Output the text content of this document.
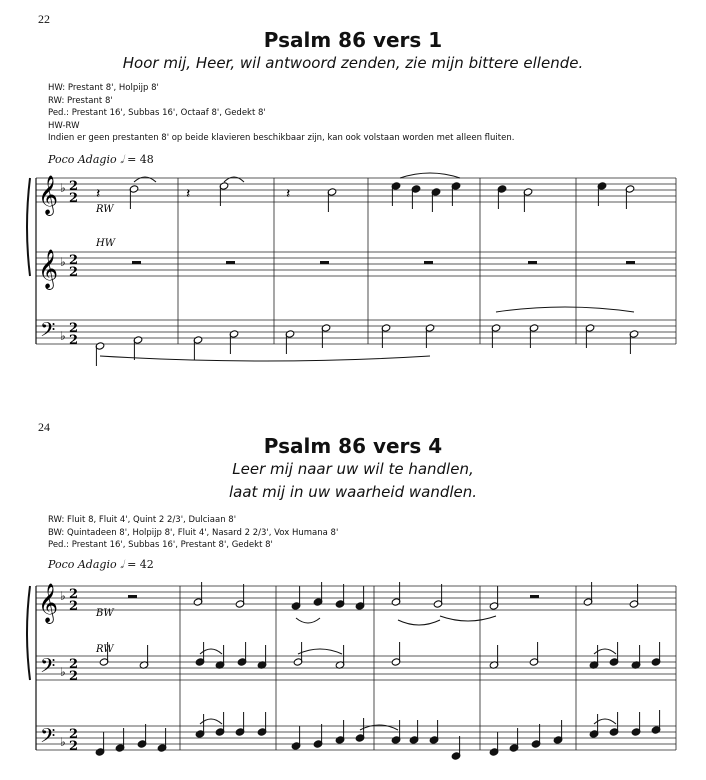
22
Psalm 86 vers 1
Hoor mij, Heer, wil antwoord zenden, zie mijn bittere ellende.
HW: Prestant 8', Holpijp 8'
RW: Prestant 8'
Ped.: Prestant 16', Subbas 16', Octaaf 8', Gedekt 8'
HW-RW
Indien er geen prestanten 8' op beide klavieren beschikbaar zijn, kan ook volstaan worden met alleen fluiten.
Poco Adagio 𝅗𝅥 = 48
RW
HW
𝄞 ♭ 2
2
𝄞 ♭ 2
2
𝄢 ♭ 2
2
𝄽	𝄽	𝄽
24
Psalm 86 vers 4
Leer mij naar uw wil te handlen,
laat mij in uw waarheid wandlen.
RW: Fluit 8, Fluit 4', Quint 2 2/3', Dulciaan 8'
BW: Quintadeen 8', Holpijp 8', Fluit 4', Nasard 2 2/3', Vox Humana 8'
Ped.: Prestant 16', Subbas 16', Prestant 8', Gedekt 8'
Poco Adagio 𝅗𝅥 = 42
BW
RW
𝄞 ♭ 2
2
𝄢 ♭ 2
2
𝄢 ♭ 2
2
